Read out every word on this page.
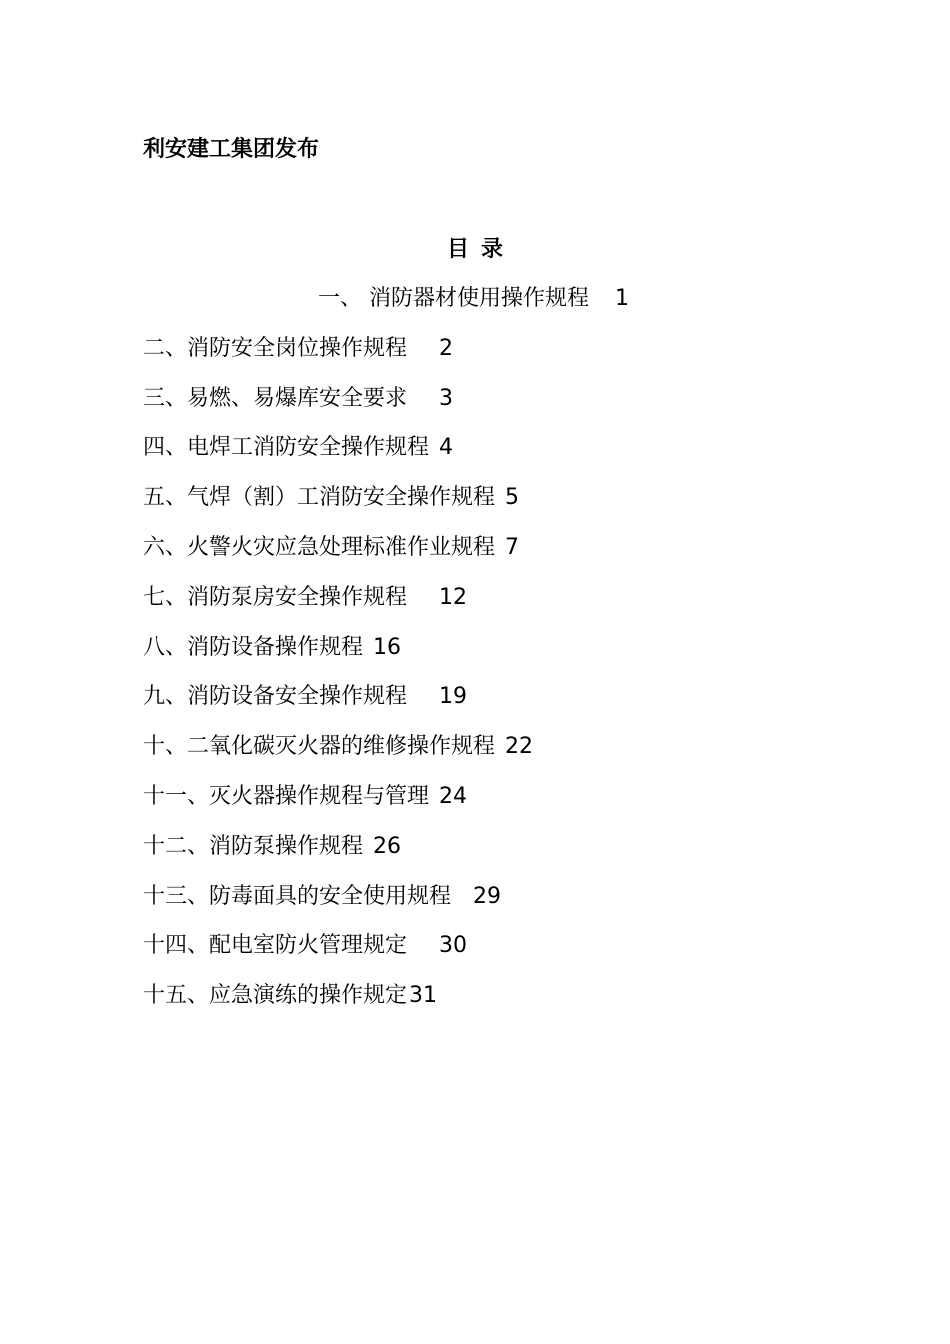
利安建工集团发布
目录
一、 消防器材使用操作规程 1
二、消防安全岗位操作规程 2
三、易燃、易爆库安全要求 3
四、电焊工消防安全操作规程 4
五、气焊（割）工消防安全操作规程 5
六、火警火灾应急处理标准作业规程 7
七、消防泵房安全操作规程 12
八、消防设备操作规程 16
九、消防设备安全操作规程 19
十、二氧化碳灭火器的维修操作规程 22
十一、灭火器操作规程与管理 24
十二、消防泵操作规程 26
十三、防毒面具的安全使用规程 29
十四、配电室防火管理规定 30
十五、应急演练的操作规定31
